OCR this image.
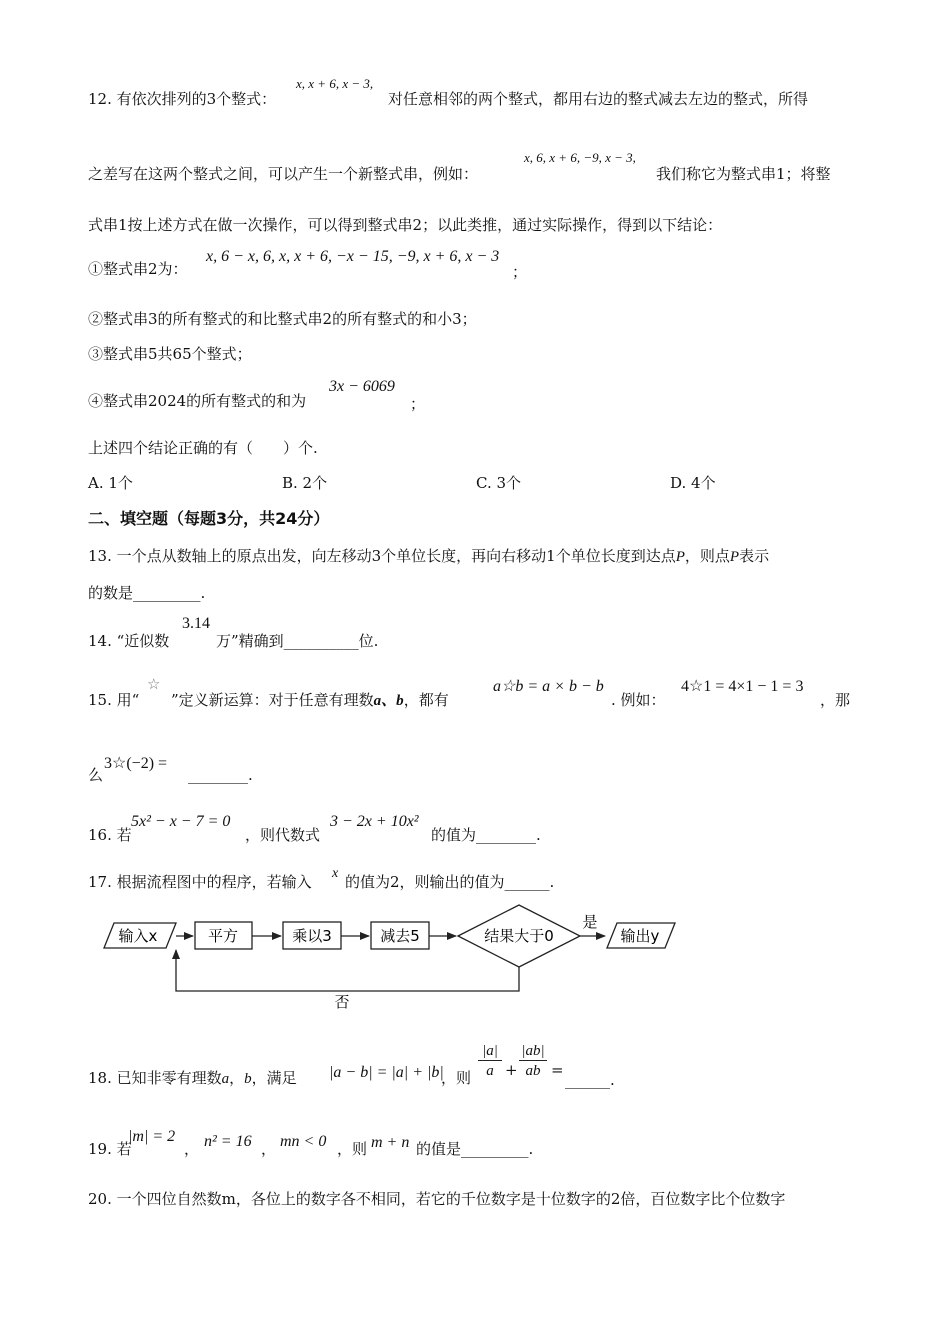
x, x + 6, x − 3,
12. 有依次排列的3个整式：	对任意相邻的两个整式，都用右边的整式减去左边的整式，所得
x, 6, x + 6, −9, x − 3,
之差写在这两个整式之间，可以产生一个新整式串，例如：	我们称它为整式串1；将整
式串1按上述方式在做一次操作，可以得到整式串2；以此类推，通过实际操作，得到以下结论：
①整式串2为：
x, 6 − x, 6, x, x + 6, −x − 15, −9, x + 6, x − 3
；
②整式串3的所有整式的和比整式串2的所有整式的和小3；
③整式串5共65个整式；
④整式串2024的所有整式的和为
3x − 6069
；
上述四个结论正确的有（　　）个.
A. 1个	B. 2个	C. 3个	D. 4个
二、填空题（每题3分，共24分）
13. 一个点从数轴上的原点出发，向左移动3个单位长度，再向右移动1个单位长度到达点P，则点P表示
的数是_________.
14. “近似数
3.14
万”精确到__________位.
15. 用“
☆
”定义新运算：对于任意有理数a、b，都有
a☆b = a × b − b
. 例如：
4☆1 = 4×1 − 1 = 3
，那
么
3☆(−2) =
________.
16. 若
5x² − x − 7 = 0
，则代数式
3 − 2x + 10x²
的值为________.
17. 根据流程图中的程序，若输入 x 的值为2，则输出的值为______.
输入x	平方	乘以3	减去5	结果大于0
是
输出y
否
18. 已知非零有理数a，b，满足 |a − b| = |a| + |b|
，则 $\frac{|a|}{a} + \frac{|ab|}{ab}$ =
______.
19. 若
|m| = 2
， n² = 16 ， mn < 0 ，则 m + n 的值是_________.
20. 一个四位自然数m，各位上的数字各不相同，若它的千位数字是十位数字的2倍，百位数字比个位数字
